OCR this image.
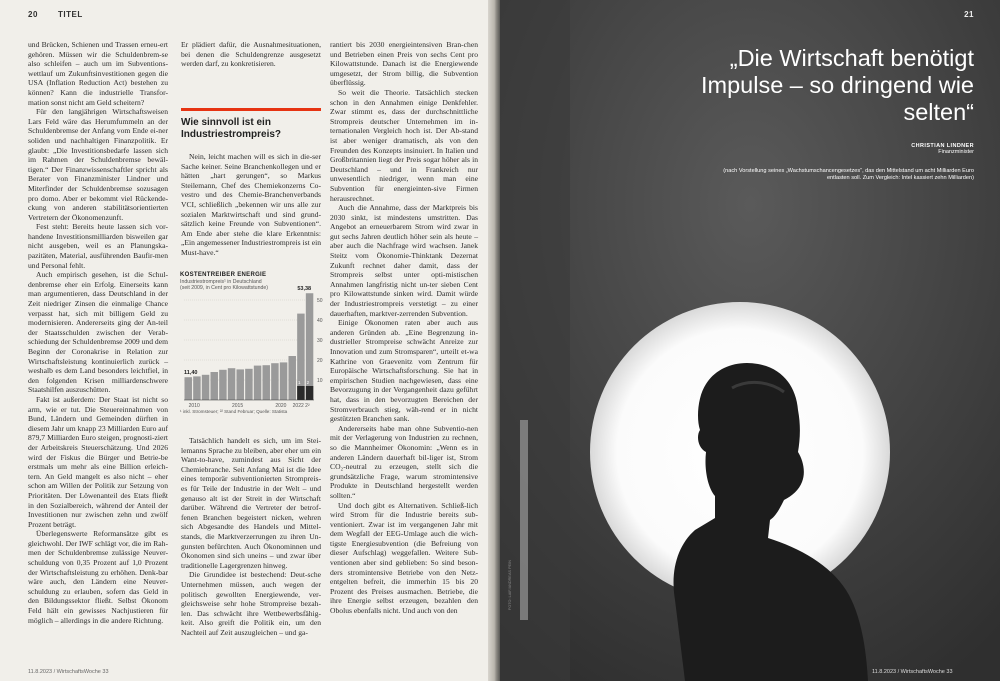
20	TITEL

und Brücken, Schienen und Trassen erneu-ert gehören. Müssen wir die Schuldenbrem-se also schleifen – auch um im Subventions-wettlauf um Zukunftsinvestitionen gegen die USA (Inflation Reduction Act) bestehen zu können? Kann die industrielle Transfor-mation sonst nicht am Geld scheitern?

Für den langjährigen Wirtschaftsweisen Lars Feld wäre das Herumfummeln an der Schuldenbremse der Anfang vom Ende ei-ner soliden und nachhaltigen Finanzpolitik. Er glaubt: „Die Investitionsbedarfe lassen sich im Rahmen der Schuldenbremse bewäl-tigen.“ Der Finanzwissenschaftler spricht als Berater von Finanzminister Lindner und Miterfinder der Schuldenbremse sozusagen pro domo. Aber er bekommt viel Rückende-ckung von anderen stabilitätsorientierten Vertretern der Ökonomenzunft.

Fest steht: Bereits heute lassen sich vor-handene Investitionsmilliarden bisweilen gar nicht ausgeben, weil es an Planungska-pazitäten, Material, ausführenden Baufir-men und Personal fehlt.

Auch empirisch gesehen, ist die Schul-denbremse eher ein Erfolg. Einerseits kann man argumentieren, dass Deutschland in der Zeit niedriger Zinsen die einmalige Chance verpasst hat, sich mit billigem Geld zu modernisieren. Andererseits ging der An-teil der Staatsschulden zwischen der Verab-schiedung der Schuldenbremse 2009 und dem Beginn der Coronakrise in Relation zur Wirtschaftsleistung kontinuierlich zurück – weshalb es dem Land besonders leichtfiel, in den folgenden Krisen milliardenschwere Staatshilfen auszuschütten.

Fakt ist außerdem: Der Staat ist nicht so arm, wie er tut. Die Steuereinnahmen von Bund, Ländern und Gemeinden dürften in diesem Jahr um knapp 23 Milliarden Euro auf 879,7 Milliarden Euro steigen, prognosti-ziert der Arbeitskreis Steuerschätzung. Und 2026 wird der Fiskus die Bürger und Betrie-be erstmals um mehr als eine Billion erleich-tern. An Geld mangelt es also nicht – eher schon am Willen der Politik zur Setzung von Prioritäten. Der Löwenanteil des Etats fließt in den Sozialbereich, während der Anteil der Investitionen nur zwischen zehn und zwölf Prozent beträgt.

Überlegenswerte Reformansätze gibt es gleichwohl. Der IWF schlägt vor, die im Rah-men der Schuldenbremse zulässige Neuver-schuldung von 0,35 Prozent auf 1,0 Prozent der Wirtschaftsleistung zu erhöhen. Denk-bar wäre auch, den Ländern eine Neuver-schuldung zu erlauben, sofern das Geld in den Bildungssektor fließt. Selbst Ökonom Feld hält ein gewisses Nachjustieren für möglich – allerdings in die andere Richtung.

Er plädiert dafür, die Ausnahmesituationen, bei denen die Schuldengrenze ausgesetzt werden darf, zu konkretisieren.

Wie sinnvoll ist ein Industriestrompreis?

Nein, leicht machen will es sich in die-ser Sache keiner. Seine Branchenkollegen und er hätten „hart gerungen“, so Markus Steilemann, Chef des Chemiekonzerns Co-vestro und des Chemie-Branchenverbands VCI, schließlich „bekennen wir uns alle zur sozialen Marktwirtschaft und sind grund-sätzlich keine Freunde von Subventionen“. Am Ende aber stehe die klare Erkenntnis: „Ein angemessener Industriestrompreis ist ein Must-have.“

KOSTENTREIBER ENERGIE
Industriestrompreis¹ in Deutschland (seit 2009, in Cent pro Kilowattstunde)
10
20
30
40
50
11,40
53,38
1 2
2010	2015	2020 2022 2²
¹ inkl. Stromsteuer; ²² Stand Februar; Quelle: Statista

Tatsächlich handelt es sich, um im Stei-lemanns Sprache zu bleiben, aber eher um ein Want-to-have, zumindest aus Sicht der Chemiebranche. Seit Anfang Mai ist die Idee eines temporär subventionierten Strompreis-es für Teile der Industrie in der Welt – und genauso alt ist der Streit in der Wirtschaft darüber. Während die Vertreter der betrof-fenen Branchen begeistert nicken, wehren sich Abgesandte des Handels und Mittel-stands, die Marktverzerrungen zu ihren Un-gunsten befürchten. Auch Ökonominnen und Ökonomen sind sich uneins – und zwar über traditionelle Lagergrenzen hinweg.

Die Grundidee ist bestechend: Deut-sche Unternehmen müssen, auch wegen der politisch gewollten Energiewende, ver-gleichsweise sehr hohe Strompreise bezah-len. Das schwächt ihre Wettbewerbsfähig-keit. Also greift die Politik ein, um den Nachteil auf Zeit auszugleichen – und ga-

rantiert bis 2030 energieintensiven Bran-chen und Betrieben einen Preis von sechs Cent pro Kilowattstunde. Danach ist die Energiewende umgesetzt, der Strom billig, die Subvention überflüssig.

So weit die Theorie. Tatsächlich stecken schon in den Annahmen einige Denkfehler. Zwar stimmt es, dass der durchschnittliche Strompreis deutscher Unternehmen im in-ternationalen Vergleich hoch ist. Der Ab-stand ist aber weniger dramatisch, als von den Freunden des Konzepts insinuiert. In Italien und Großbritannien liegt der Preis sogar höher als in Deutschland – und in Frankreich nur unwesentlich niedriger, wenn man eine Subvention für energieinten-sive Firmen herausrechnet.

Auch die Annahme, dass der Marktpreis bis 2030 sinkt, ist mindestens umstritten. Das Angebot an erneuerbarem Strom wird zwar in gut sechs Jahren deutlich höher sein als heute – aber auch die Nachfrage wird wachsen. Janek Steitz vom Ökonomie-Thinktank Dezernat Zukunft rechnet daher damit, dass der Strompreis selbst unter opti-mistischen Annahmen langfristig nicht un-ter sieben Cent pro Kilowattstunde sinken wird. Damit würde der Industriestrompreis verstetigt – zu einer dauerhaften, marktver-zerrenden Subvention.

Einige Ökonomen raten aber auch aus anderen Gründen ab. „Eine Begrenzung in-dustrieller Strompreise schwächt Anreize zur Innovation und zum Stromsparen“, urteilt et-wa Kathrine von Graevenitz vom Zentrum für Europäische Wirtschaftsforschung. Sie hat in empirischen Studien nachgewiesen, dass eine Bevorzugung in der Vergangenheit dazu geführt hat, dass in den bevorzugten Bereichen der Stromverbrauch stieg, wäh-rend er in nicht gestützten Branchen sank.

Andererseits habe man ohne Subventio-nen mit der Verlagerung von Industrien zu rechnen, so die Mannheimer Ökonomin: „Wenn es in anderen Ländern dauerhaft bil-liger ist, Strom CO₂-neutral zu erzeugen, stellt sich die grundsätzliche Frage, warum stromintensive Produkte in Deutschland hergestellt werden sollten.“

Und doch gibt es Alternativen. Schließ-lich wird Strom für die Industrie bereits sub-ventioniert. Zwar ist im vergangenen Jahr mit dem Wegfall der EEG-Umlage auch die wich-tigste Energiesubvention (die Befreiung von dieser Aufschlag) weggefallen. Weitere Sub-ventionen aber sind geblieben: So sind beson-ders stromintensive Betriebe von den Netz-entgelten befreit, die immerhin 15 bis 20 Prozent des Preises ausmachen. Betriebe, die ihre Energie selbst erzeugen, bezahlen den Obolus ebenfalls nicht. Und auch von den

11.8.2023 / WirtschaftsWoche 33
„Die Wirtschaft benötigt Impulse – so dringend wie selten“
CHRISTIAN LINDNER
Finanzminister
(nach Vorstellung seines „Wachstumschancengesetzes“, das den Mittelstand um acht Milliarden Euro entlasten soll. Zum Vergleich: Intel kassiert zehn Milliarden)
21
11.8.2023 / WirtschaftsWoche 33
